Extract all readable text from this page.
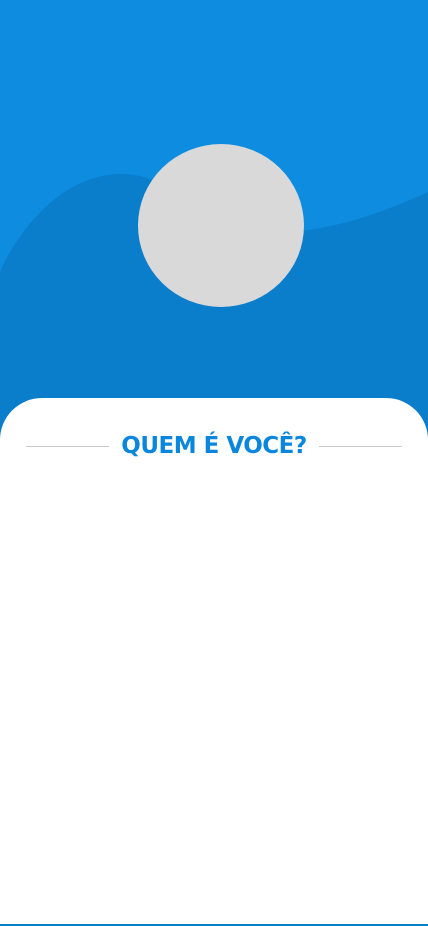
QUEM É VOCÊ?
